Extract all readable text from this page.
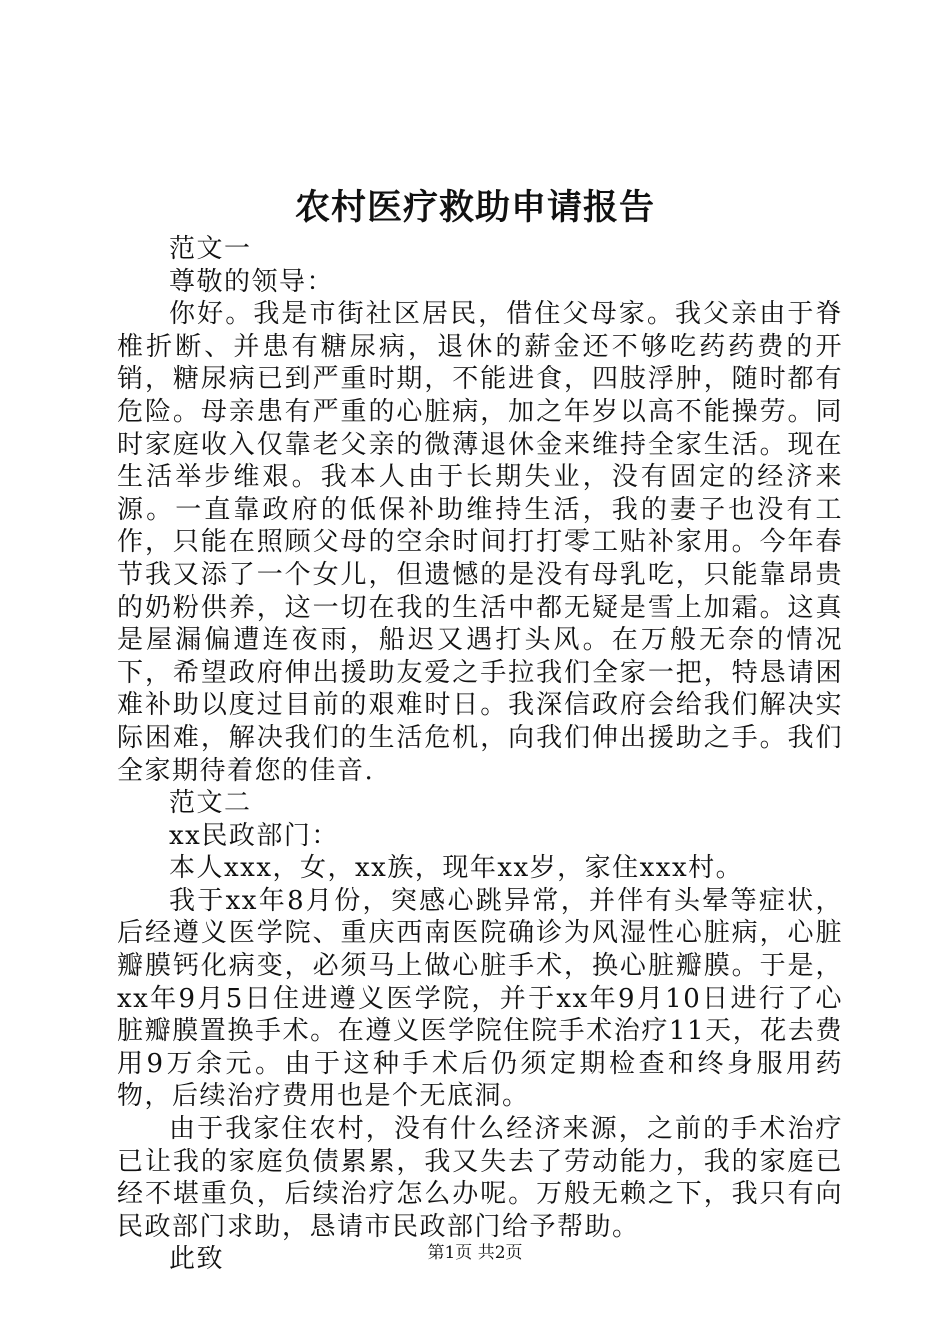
农村医疗救助申请报告

范文一

尊敬的领导：

你好。我是市街社区居民，借住父母家。我父亲由于脊椎折断、并患有糖尿病，退休的薪金还不够吃药药费的开销，糖尿病已到严重时期，不能进食，四肢浮肿，随时都有危险。母亲患有严重的心脏病，加之年岁以高不能操劳。同时家庭收入仅靠老父亲的微薄退休金来维持全家生活。现在生活举步维艰。我本人由于长期失业，没有固定的经济来源。一直靠政府的低保补助维持生活，我的妻子也没有工作，只能在照顾父母的空余时间打打零工贴补家用。今年春节我又添了一个女儿，但遗憾的是没有母乳吃，只能靠昂贵的奶粉供养，这一切在我的生活中都无疑是雪上加霜。这真是屋漏偏遭连夜雨，船迟又遇打头风。在万般无奈的情况下，希望政府伸出援助友爱之手拉我们全家一把，特恳请困难补助以度过目前的艰难时日。我深信政府会给我们解决实际困难，解决我们的生活危机，向我们伸出援助之手。我们全家期待着您的佳音.

范文二

xx民政部门：

本人xxx，女，xx族，现年xx岁，家住xxx村。

我于xx年8月份，突感心跳异常，并伴有头晕等症状，后经遵义医学院、重庆西南医院确诊为风湿性心脏病，心脏瓣膜钙化病变，必须马上做心脏手术，换心脏瓣膜。于是，xx年9月5日住进遵义医学院，并于xx年9月10日进行了心脏瓣膜置换手术。在遵义医学院住院手术治疗11天，花去费用9万余元。由于这种手术后仍须定期检查和终身服用药物，后续治疗费用也是个无底洞。

由于我家住农村，没有什么经济来源，之前的手术治疗已让我的家庭负债累累，我又失去了劳动能力，我的家庭已经不堪重负，后续治疗怎么办呢。万般无赖之下，我只有向民政部门求助，恳请市民政部门给予帮助。

此致	第1页 共2页
